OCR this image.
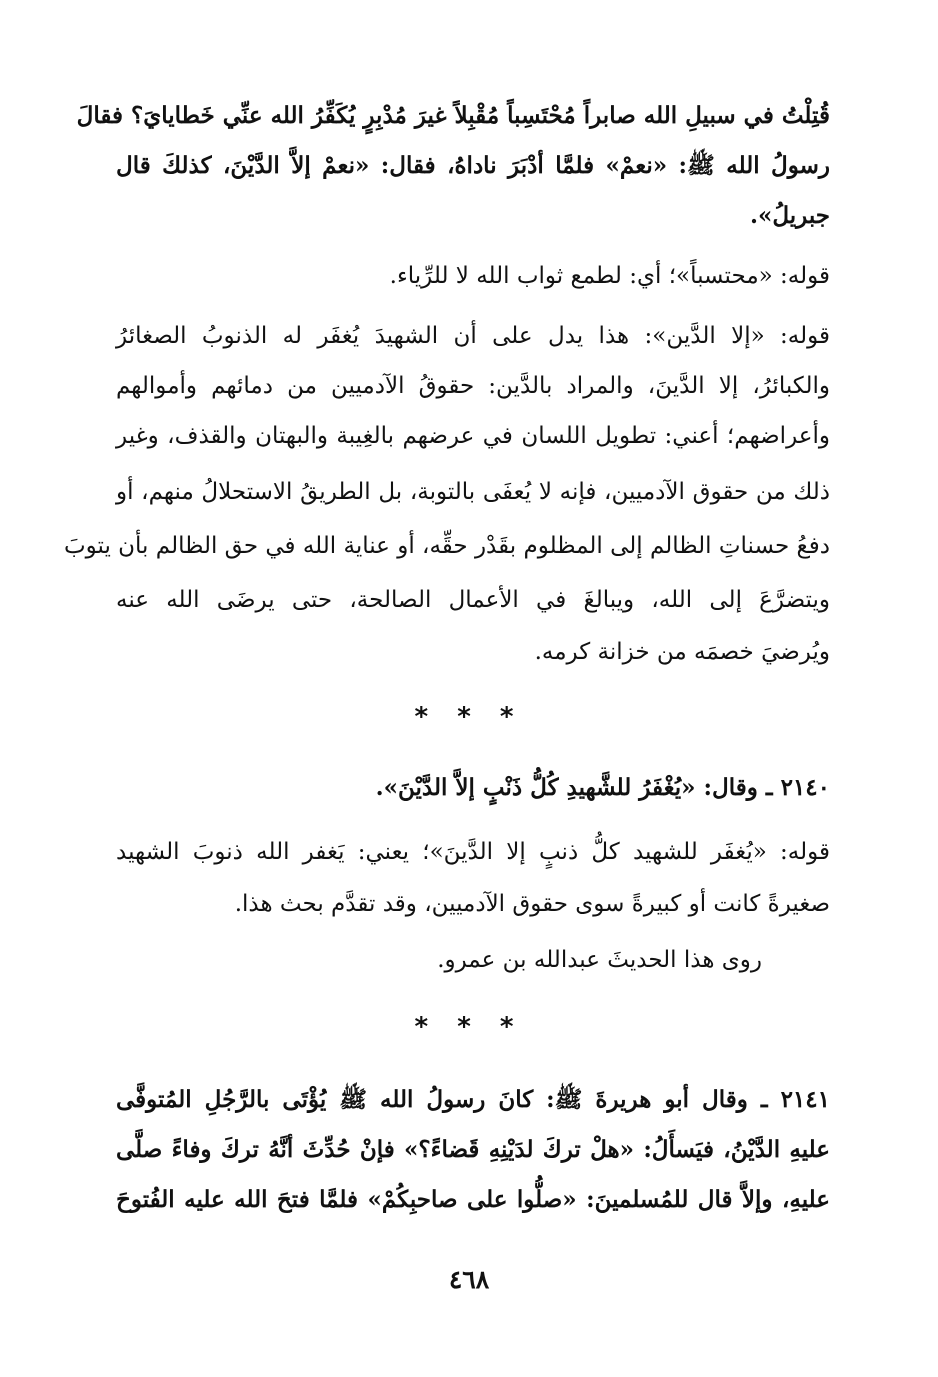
قُتِلْتُ في سبيلِ الله صابراً مُحْتَسِباً مُقْبِلاً غيرَ مُدْبِرٍ يُكَفِّرُ الله عنِّي خَطايايَ؟ فقالَ
رسولُ الله ﷺ: «نعمْ» فلمَّا أدْبَرَ ناداهُ، فقال: «نعمْ إلاَّ الدَّيْنَ، كذلكَ قال
جبريلُ».
قوله: «محتسباً»؛ أي: لطمع ثواب الله لا للرِّياء.
قوله: «إلا الدَّين»: هذا يدل على أن الشهيدَ يُغفَر له الذنوبُ الصغائرُ
والكبائرُ، إلا الدَّينَ، والمراد بالدَّين: حقوقُ الآدميين من دمائهم وأموالهم
وأعراضهم؛ أعني: تطويل اللسان في عرضهم بالغِيبة والبهتان والقذف، وغير
ذلك من حقوق الآدميين، فإنه لا يُعفَى بالتوبة، بل الطريقُ الاستحلالُ منهم، أو
دفعُ حسناتِ الظالم إلى المظلوم بقَدْر حقِّه، أو عناية الله في حق الظالم بأن يتوبَ
ويتضرَّعَ إلى الله، ويبالغَ في الأعمال الصالحة، حتى يرضَى الله عنه
ويُرضيَ خصمَه من خزانة كرمه.
* * *
٢١٤٠ ـ وقال: «يُغْفَرُ للشَّهيدِ كُلُّ ذَنْبٍ إلاَّ الدَّيْنَ».
قوله: «يُغفَر للشهيد كلُّ ذنبٍ إلا الدَّينَ»؛ يعني: يَغفر الله ذنوبَ الشهيد
صغيرةً كانت أو كبيرةً سوى حقوق الآدميين، وقد تقدَّم بحث هذا.
روى هذا الحديثَ عبدالله بن عمرو.
* * *
٢١٤١ ـ وقال أبو هريرةَ ﷺ: كانَ رسولُ الله ﷺ يُؤْتَى بالرَّجُلِ المُتوفَّى
عليهِ الدَّيْنُ، فيَسأَلُ: «هلْ تركَ لدَيْنِهِ قَضاءً؟» فإنْ حُدِّثَ أنَّهُ تركَ وفاءً صلَّى
عليهِ، وإلاَّ قال للمُسلمينَ: «صلُّوا على صاحبِكُمْ» فلمَّا فتحَ الله عليه الفُتوحَ
٤٦٨
